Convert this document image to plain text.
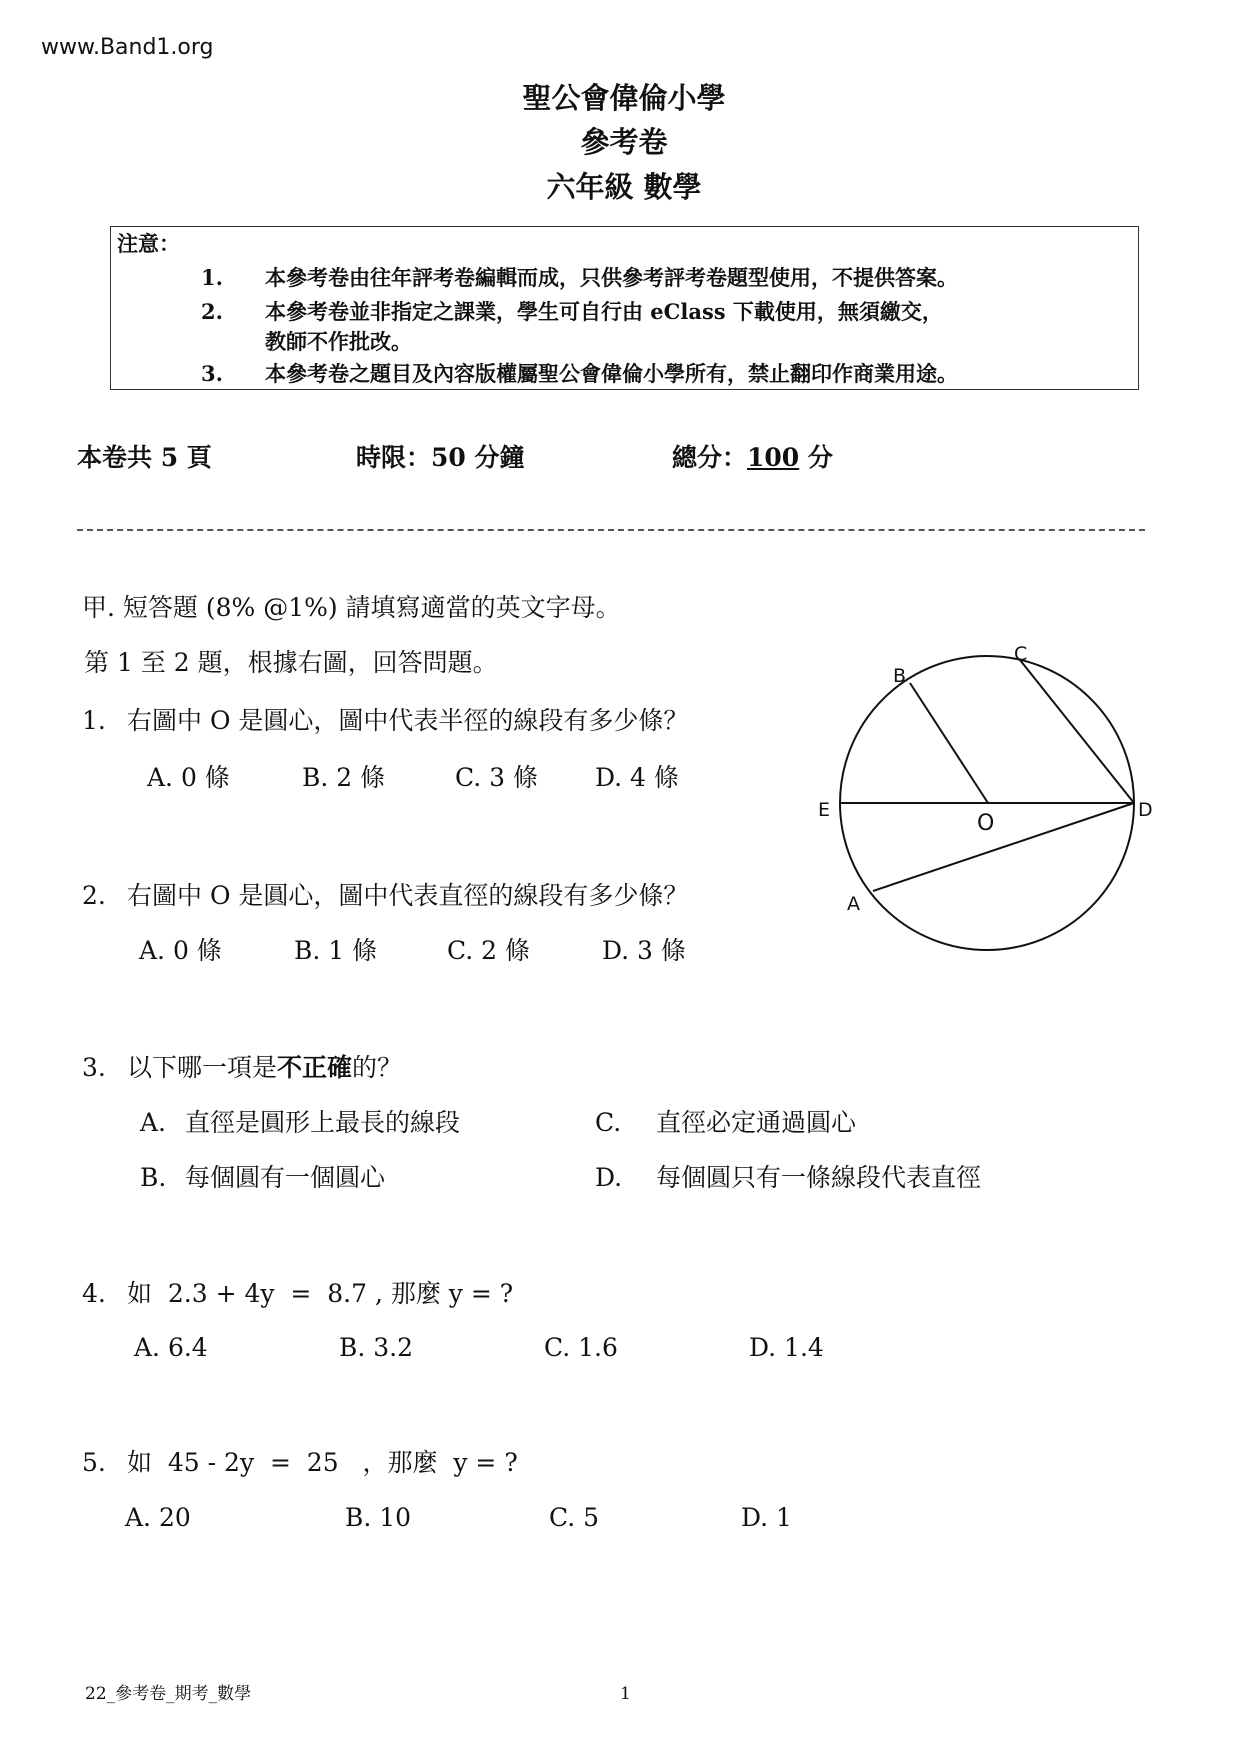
www.Band1.org
聖公會偉倫小學
參考卷
六年級 數學
注意：
1. 本參考卷由往年評考卷編輯而成，只供參考評考卷題型使用，不提供答案。
2. 本參考卷並非指定之課業，學生可自行由 eClass 下載使用，無須繳交，
教師不作批改。
3. 本參考卷之題目及內容版權屬聖公會偉倫小學所有，禁止翻印作商業用途。
本卷共 5 頁	時限：50 分鐘	總分：100 分
甲. 短答題 (8% @1%) 請填寫適當的英文字母。
第 1 至 2 題，根據右圖，回答問題。
1. 右圖中 O 是圓心，圖中代表半徑的線段有多少條？
A. 0 條	B. 2 條	C. 3 條 D. 4 條
2. 右圖中 O 是圓心，圖中代表直徑的線段有多少條？
A. 0 條	B. 1 條	C. 2 條	D. 3 條
3. 以下哪一項是不正確的？
A. 直徑是圓形上最長的線段
B. 每個圓有一個圓心
C. 直徑必定通過圓心
D. 每個圓只有一條線段代表直徑
4. 如  2.3 + 4y  =  8.7 , 那麼 y = ?
A. 6.4	B. 3.2	C. 1.6	D. 1.4
5. 如  45 - 2y  =  25   ，那麼  y = ?
A. 20	B. 10	C. 5	D. 1
B
C
E	D
O
A
22_參考卷_期考_數學	1
